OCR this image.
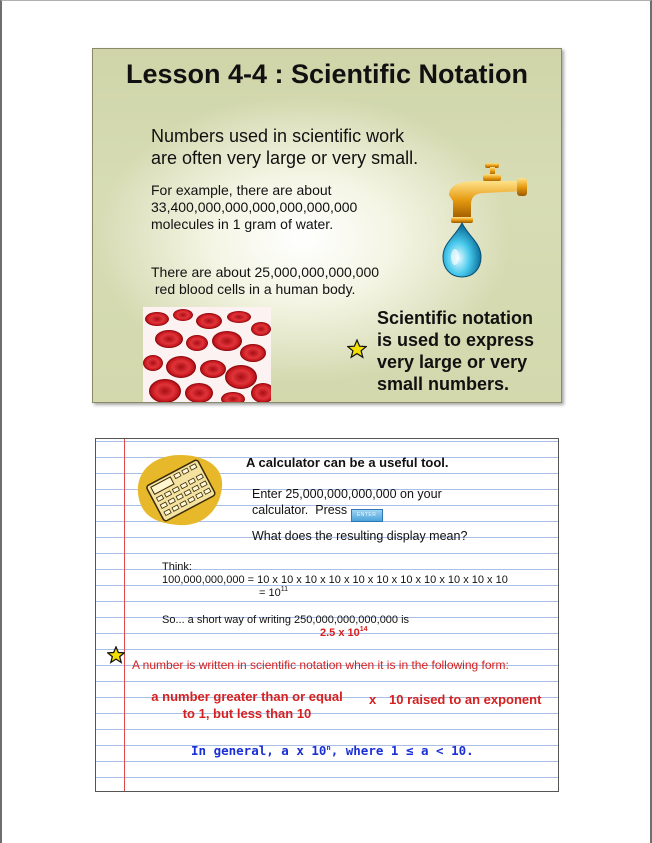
Lesson 4-4 : Scientific Notation
Numbers used in scientific work
are often very large or very small.
For example, there are about
33,400,000,000,000,000,000,000
molecules in 1 gram of water.
There are about 25,000,000,000,000
red blood cells in a human body.
Scientific notation
is used to express
very large or very
small numbers.
A calculator can be a useful tool.
Enter 25,000,000,000,000 on your
calculator.  Press ENTER
What does the resulting display mean?
Think:
100,000,000,000 = 10 x 10 x 10 x 10 x 10 x 10 x 10 x 10 x 10 x 10 x 10
= $10^{11}$
So... a short way of writing 250,000,000,000,000 is
2.5 x $10^{14}$
A number is written in scientific notation when it is in the following form:
a number greater than or equal
to 1, but less than 10
x 10 raised to an exponent
In general, a x 10$^n$, where 1 ≤ a < 10.
